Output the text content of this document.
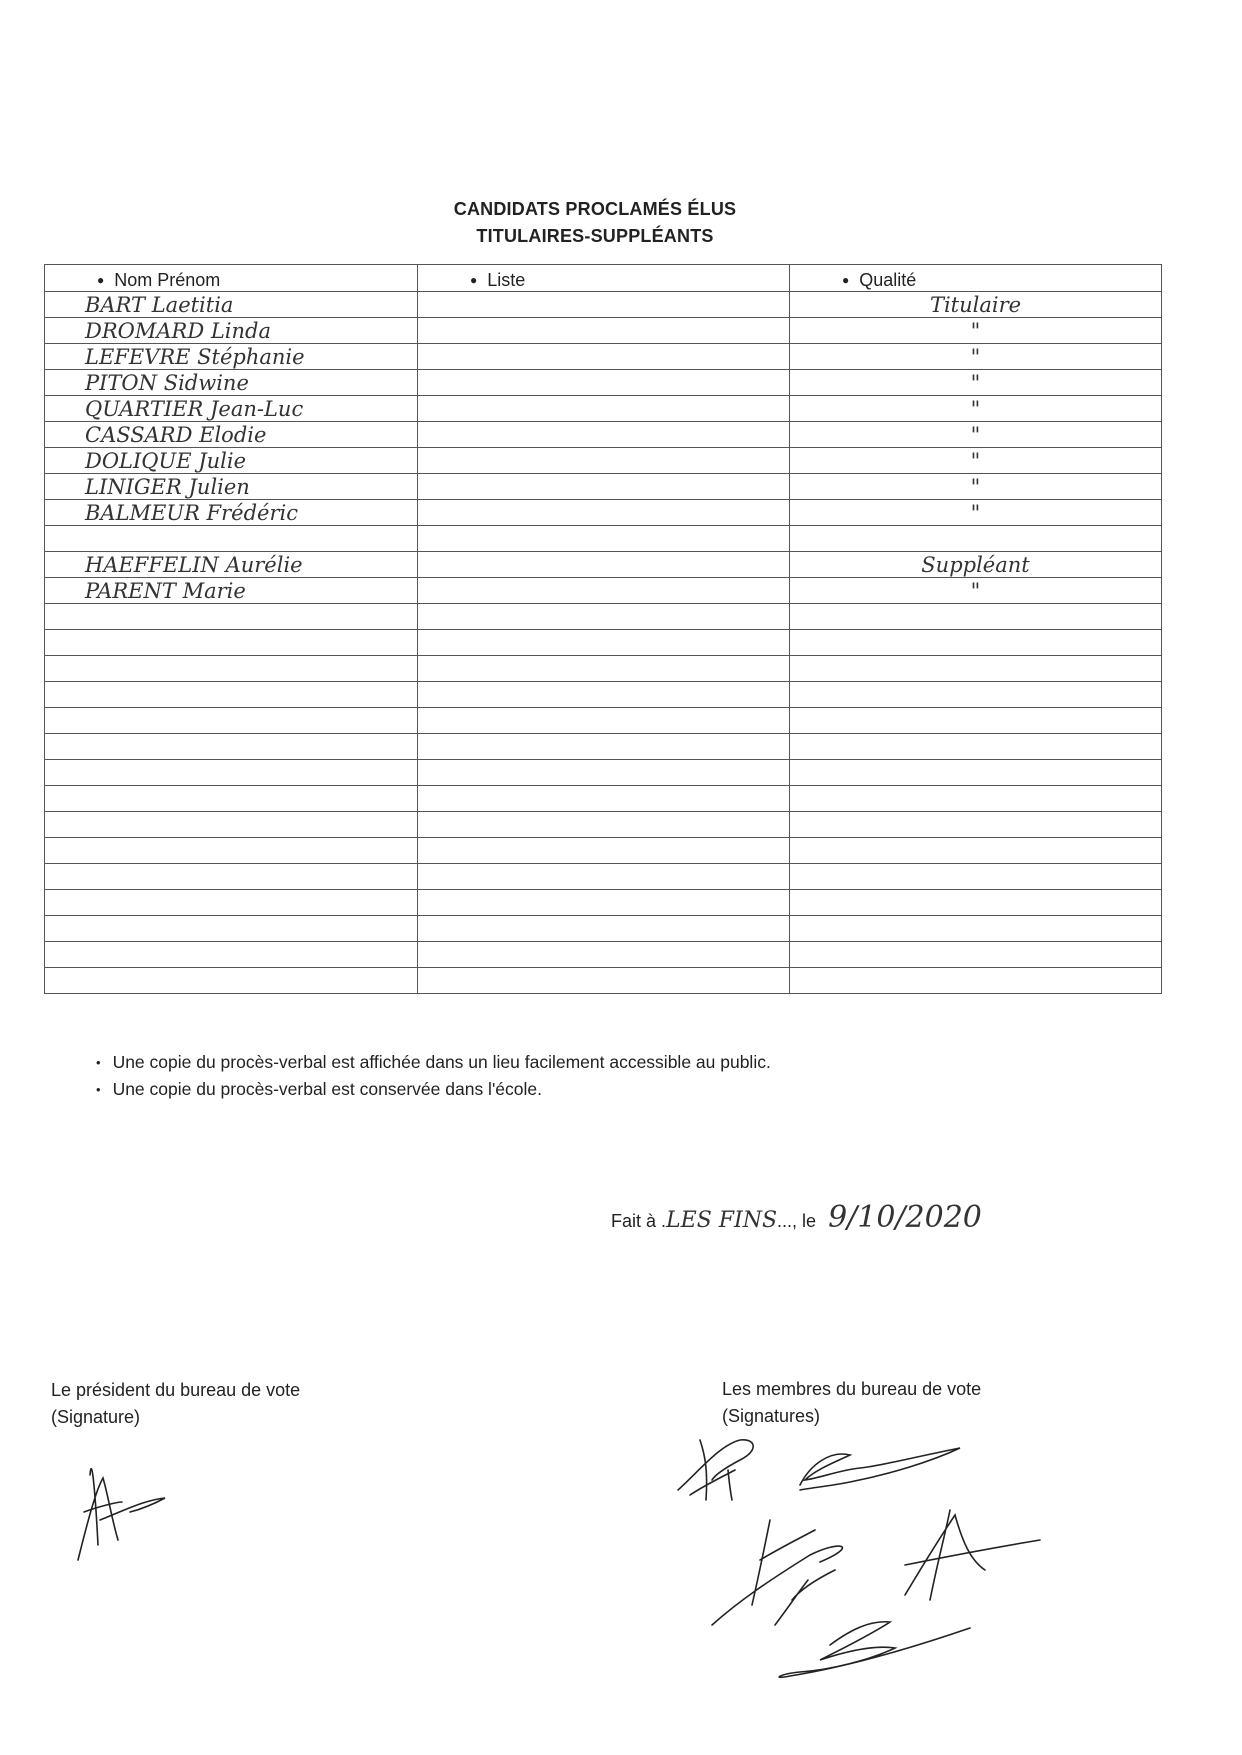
CANDIDATS PROCLAMÉS ÉLUS
TITULAIRES-SUPPLÉANTS
● Nom Prénom	● Liste	● Qualité
BART Laetitia		Titulaire
DROMARD Linda		"
LEFEVRE Stéphanie		"
PITON Sidwine		"
QUARTIER Jean-Luc		"
CASSARD Elodie		"
DOLIQUE Julie		"
LINIGER Julien		"
BALMEUR Frédéric		"

HAEFFELIN Aurélie		Suppléant
PARENT Marie		"

• Une copie du procès-verbal est affichée dans un lieu facilement accessible au public.
• Une copie du procès-verbal est conservée dans l'école.
Fait à .LES FINS..., le 9/10/2020
Le président du bureau de vote
(Signature)
Les membres du bureau de vote
(Signatures)
